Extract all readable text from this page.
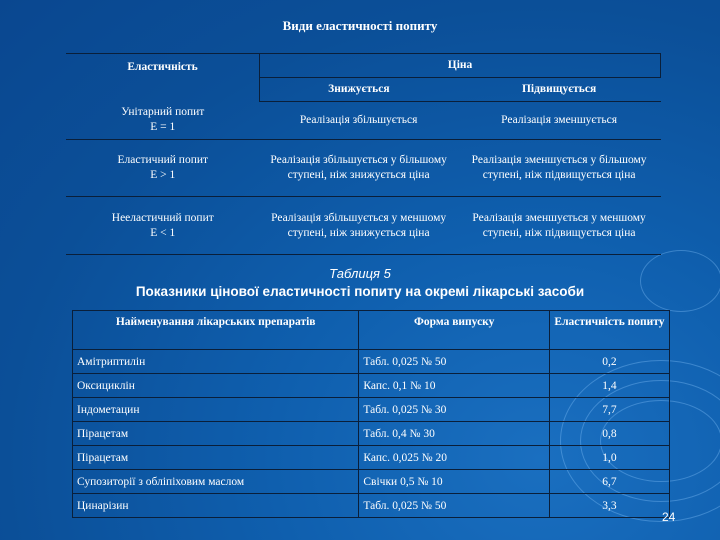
Види еластичності попиту
Еластичність	Ціна	
	Знижується	Підвищується

Унітарний попит
E = 1	Реалізація збільшується	Реалізація зменшується

Еластичний попит
E > 1	Реалізація збільшується у більшому ступені, ніж знижується ціна	Реалізація зменшується у більшому ступені, ніж підвищується ціна

Нееластичний попит
E < 1	Реалізація збільшується у меншому ступені, ніж знижується ціна	Реалізація зменшується у меншому ступені, ніж підвищується ціна
Таблиця 5
Показники цінової еластичності попиту на окремі лікарські засоби
Найменування лікарських препаратів	Форма випуску	Еластичність попиту
Амітриптилін	Табл. 0,025 № 50	0,2
Оксициклін	Капс. 0,1 № 10	1,4
Індометацин	Табл. 0,025 № 30	7,7
Пірацетам	Табл. 0,4 № 30	0,8
Пірацетам	Капс. 0,025 № 20	1,0
Супозиторії з обліпіховим маслом	Свічки 0,5 № 10	6,7
Цинарізин	Табл. 0,025 № 50	3,3
24
